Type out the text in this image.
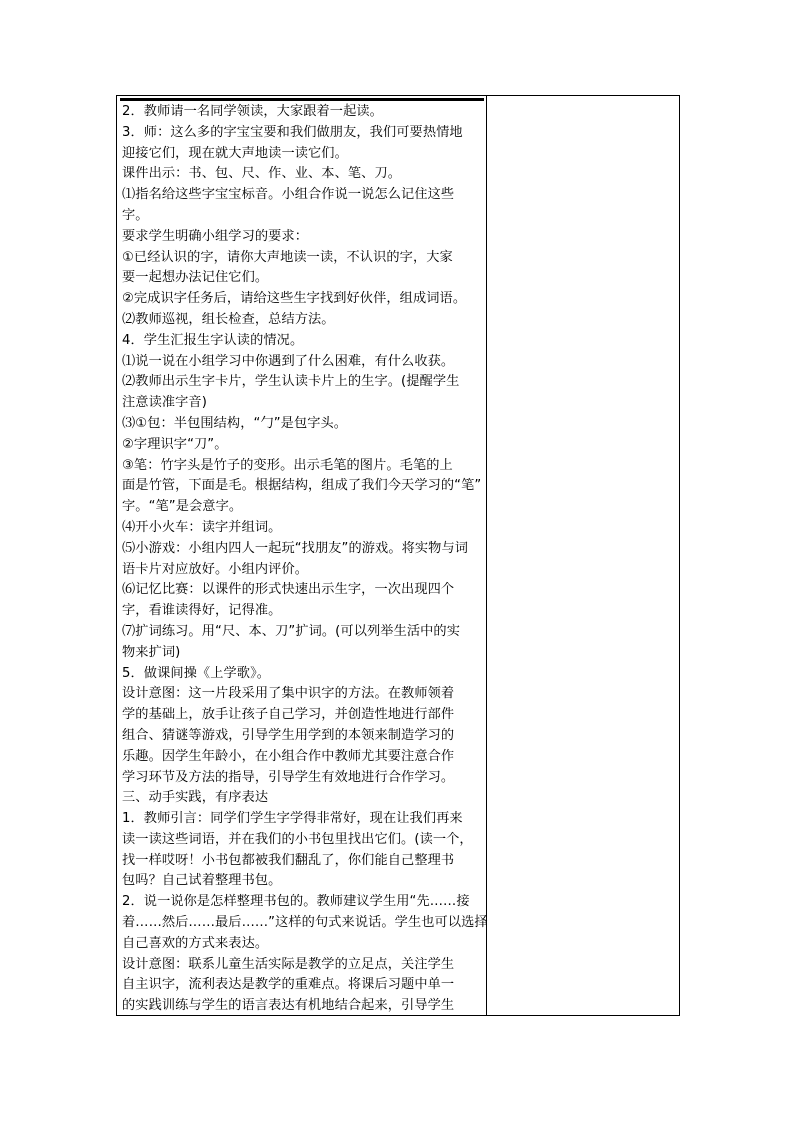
2．教师请一名同学领读，大家跟着一起读。
3．师：这么多的字宝宝要和我们做朋友，我们可要热情地
迎接它们，现在就大声地读一读它们。
课件出示：书、包、尺、作、业、本、笔、刀。
⑴指名给这些字宝宝标音。小组合作说一说怎么记住这些
字。
要求学生明确小组学习的要求：
①已经认识的字，请你大声地读一读，不认识的字，大家
要一起想办法记住它们。
②完成识字任务后，请给这些生字找到好伙伴，组成词语。
⑵教师巡视，组长检查，总结方法。
4．学生汇报生字认读的情况。
⑴说一说在小组学习中你遇到了什么困难，有什么收获。
⑵教师出示生字卡片，学生认读卡片上的生字。(提醒学生
注意读准字音)
⑶①包：半包围结构，“勹”是包字头。
②字理识字“刀”。
③笔：竹字头是竹子的变形。出示毛笔的图片。毛笔的上
面是竹管，下面是毛。根据结构，组成了我们今天学习的“笔”
字。“笔”是会意字。
⑷开小火车：读字并组词。
⑸小游戏：小组内四人一起玩“找朋友”的游戏。将实物与词
语卡片对应放好。小组内评价。
⑹记忆比赛：以课件的形式快速出示生字，一次出现四个
字，看谁读得好，记得准。
⑺扩词练习。用“尺、本、刀”扩词。(可以列举生活中的实
物来扩词)
5．做课间操《上学歌》。
设计意图：这一片段采用了集中识字的方法。在教师领着
学的基础上，放手让孩子自己学习，并创造性地进行部件
组合、猜谜等游戏，引导学生用学到的本领来制造学习的
乐趣。因学生年龄小，在小组合作中教师尤其要注意合作
学习环节及方法的指导，引导学生有效地进行合作学习。
三、动手实践，有序表达
1．教师引言：同学们学生字学得非常好，现在让我们再来
读一读这些词语，并在我们的小书包里找出它们。(读一个，
找一样哎呀！小书包都被我们翻乱了，你们能自己整理书
包吗？自己试着整理书包。
2．说一说你是怎样整理书包的。教师建议学生用“先……接
着……然后……最后……”这样的句式来说话。学生也可以选择
自己喜欢的方式来表达。
设计意图：联系儿童生活实际是教学的立足点，关注学生
自主识字，流利表达是教学的重难点。将课后习题中单一
的实践训练与学生的语言表达有机地结合起来，引导学生
